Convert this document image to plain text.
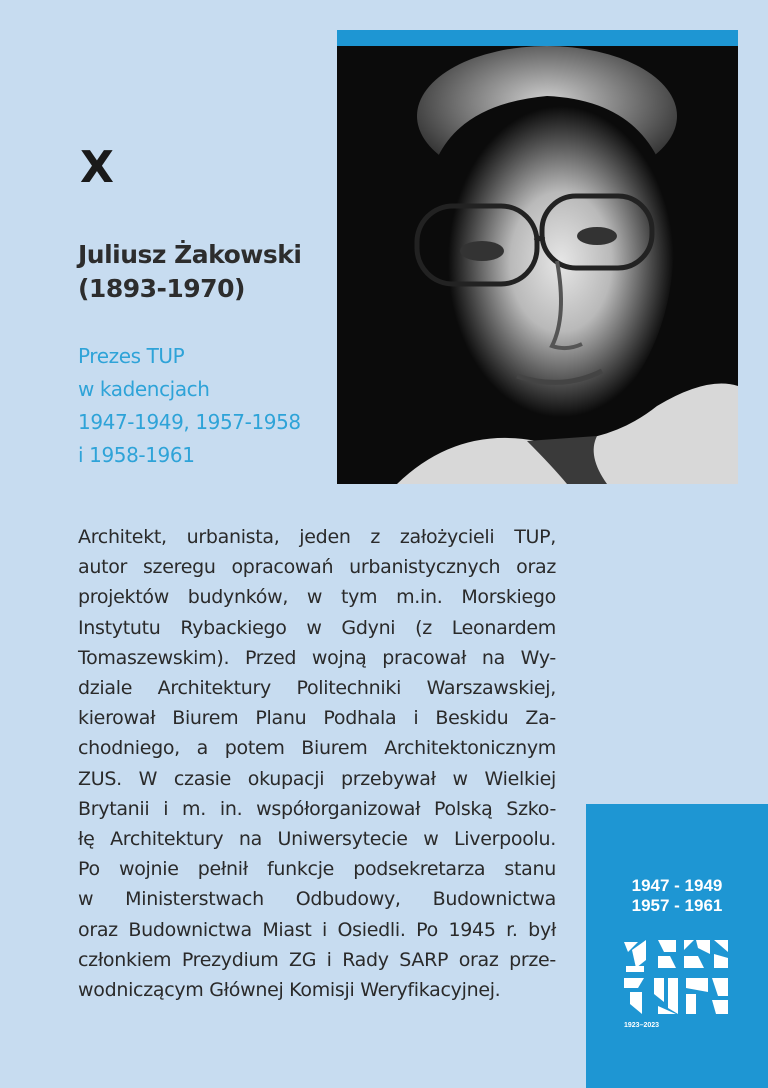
X
Juliusz Żakowski
(1893-1970)
Prezes TUP
w kadencjach
1947-1949, 1957-1958
i 1958-1961
Architekt, urbanista, jeden z założycieli TUP,
autor szeregu opracowań urbanistycznych oraz
projektów budynków, w tym m.in. Morskiego
Instytutu Rybackiego w Gdyni (z Leonardem
Tomaszewskim). Przed wojną pracował na Wy-
dziale Architektury Politechniki Warszawskiej,
kierował Biurem Planu Podhala i Beskidu Za-
chodniego, a potem Biurem Architektonicznym
ZUS. W czasie okupacji przebywał w Wielkiej
Brytanii i m. in. współorganizował Polską Szko-
łę Architektury na Uniwersytecie w Liverpoolu.
Po wojnie pełnił funkcje podsekretarza stanu
w Ministerstwach Odbudowy, Budownictwa
oraz Budownictwa Miast i Osiedli. Po 1945 r. był
członkiem Prezydium ZG i Rady SARP oraz prze-
wodniczącym Głównej Komisji Weryfikacyjnej.
1947 - 1949
1957 - 1961
1923–2023
